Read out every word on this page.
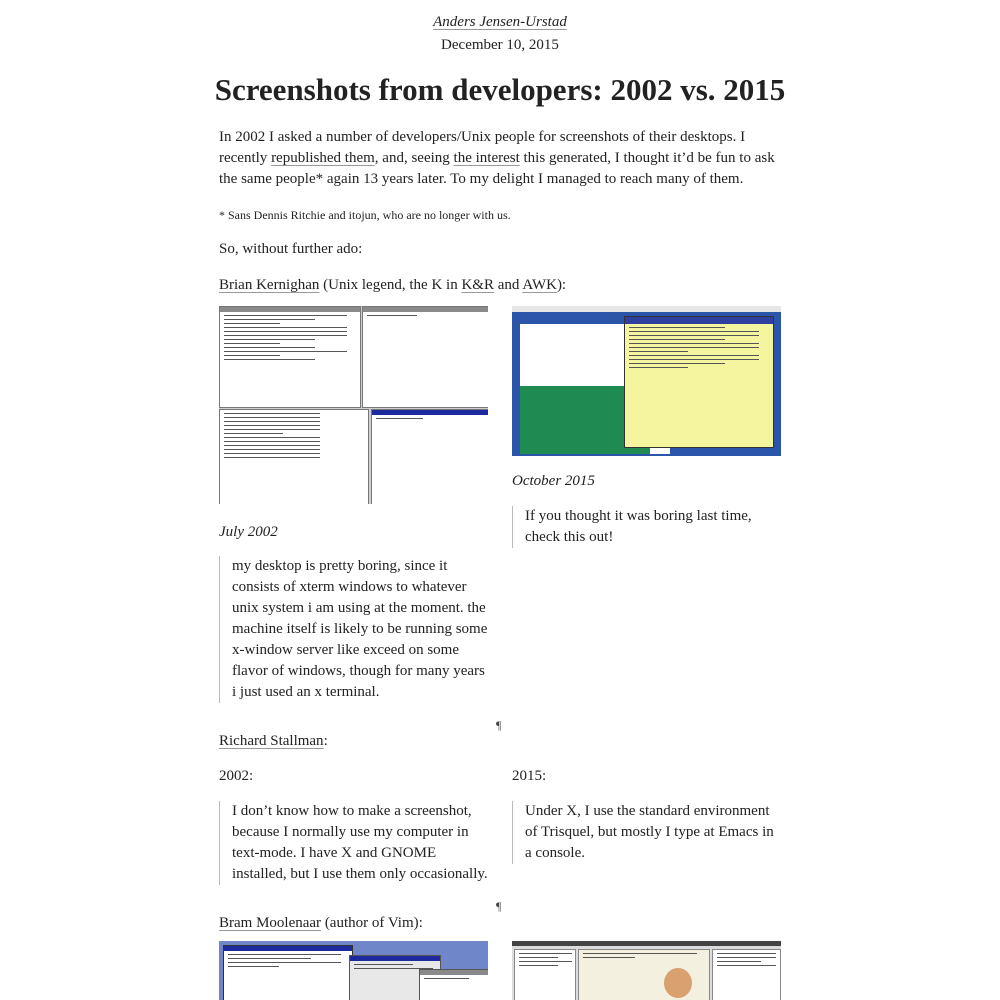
Anders Jensen-Urstad
December 10, 2015
Screenshots from developers: 2002 vs. 2015
In 2002 I asked a number of developers/Unix people for screenshots of their desktops. I recently republished them, and, seeing the interest this generated, I thought it’d be fun to ask the same people* again 13 years later. To my delight I managed to reach many of them.
* Sans Dennis Ritchie and itojun, who are no longer with us.
So, without further ado:
Brian Kernighan (Unix legend, the K in K&R and AWK):
October 2015
If you thought it was boring last time, check this out!
July 2002
my desktop is pretty boring, since it consists of xterm windows to whatever unix system i am using at the moment. the machine itself is likely to be running some x-window server like exceed on some flavor of windows, though for many years i just used an x terminal.
¶
Richard Stallman:
2002:	2015:
I don’t know how to make a screenshot, because I normally use my computer in text-mode. I have X and GNOME installed, but I use them only occasionally.
Under X, I use the standard environment of Trisquel, but mostly I type at Emacs in a console.
¶
Bram Moolenaar (author of Vim):
